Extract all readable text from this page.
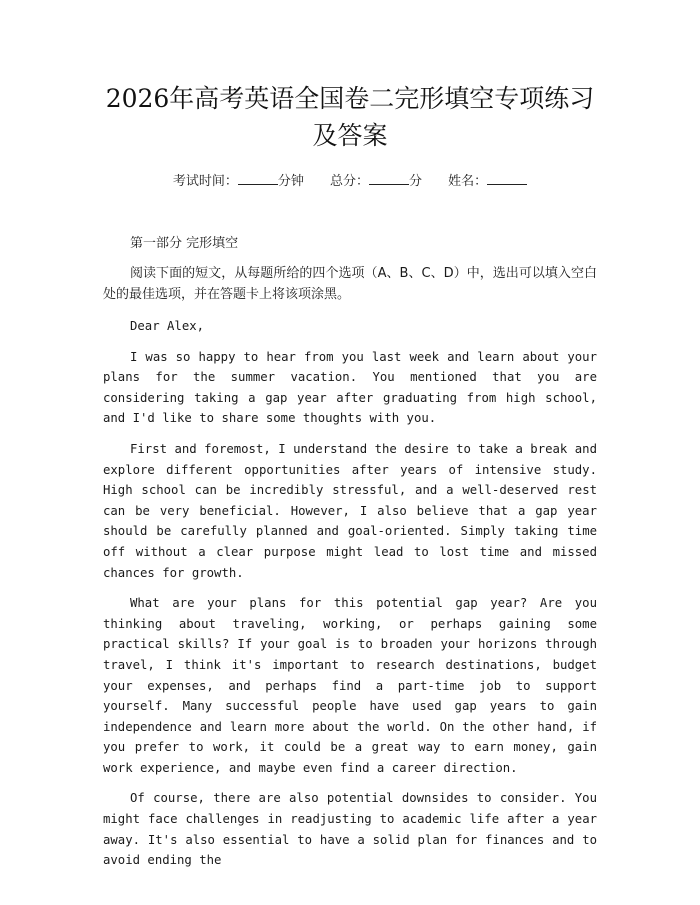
2026年高考英语全国卷二完形填空专项练习及答案
考试时间：	分钟 总分：	分 姓名：
第一部分 完形填空
阅读下面的短文，从每题所给的四个选项（A、B、C、D）中，选出可以填入空白处的最佳选项，并在答题卡上将该项涂黑。

Dear Alex,

I was so happy to hear from you last week and learn about your plans for the summer vacation. You mentioned that you are considering taking a gap year after graduating from high school, and I'd like to share some thoughts with you.

First and foremost, I understand the desire to take a break and explore different opportunities after years of intensive study. High school can be incredibly stressful, and a well-deserved rest can be very beneficial. However, I also believe that a gap year should be carefully planned and goal-oriented. Simply taking time off without a clear purpose might lead to lost time and missed chances for growth.

What are your plans for this potential gap year? Are you thinking about traveling, working, or perhaps gaining some practical skills? If your goal is to broaden your horizons through travel, I think it's important to research destinations, budget your expenses, and perhaps find a part-time job to support yourself. Many successful people have used gap years to gain independence and learn more about the world. On the other hand, if you prefer to work, it could be a great way to earn money, gain work experience, and maybe even find a career direction.

Of course, there are also potential downsides to consider. You might face challenges in readjusting to academic life after a year away. It's also essential to have a solid plan for finances and to avoid ending the
